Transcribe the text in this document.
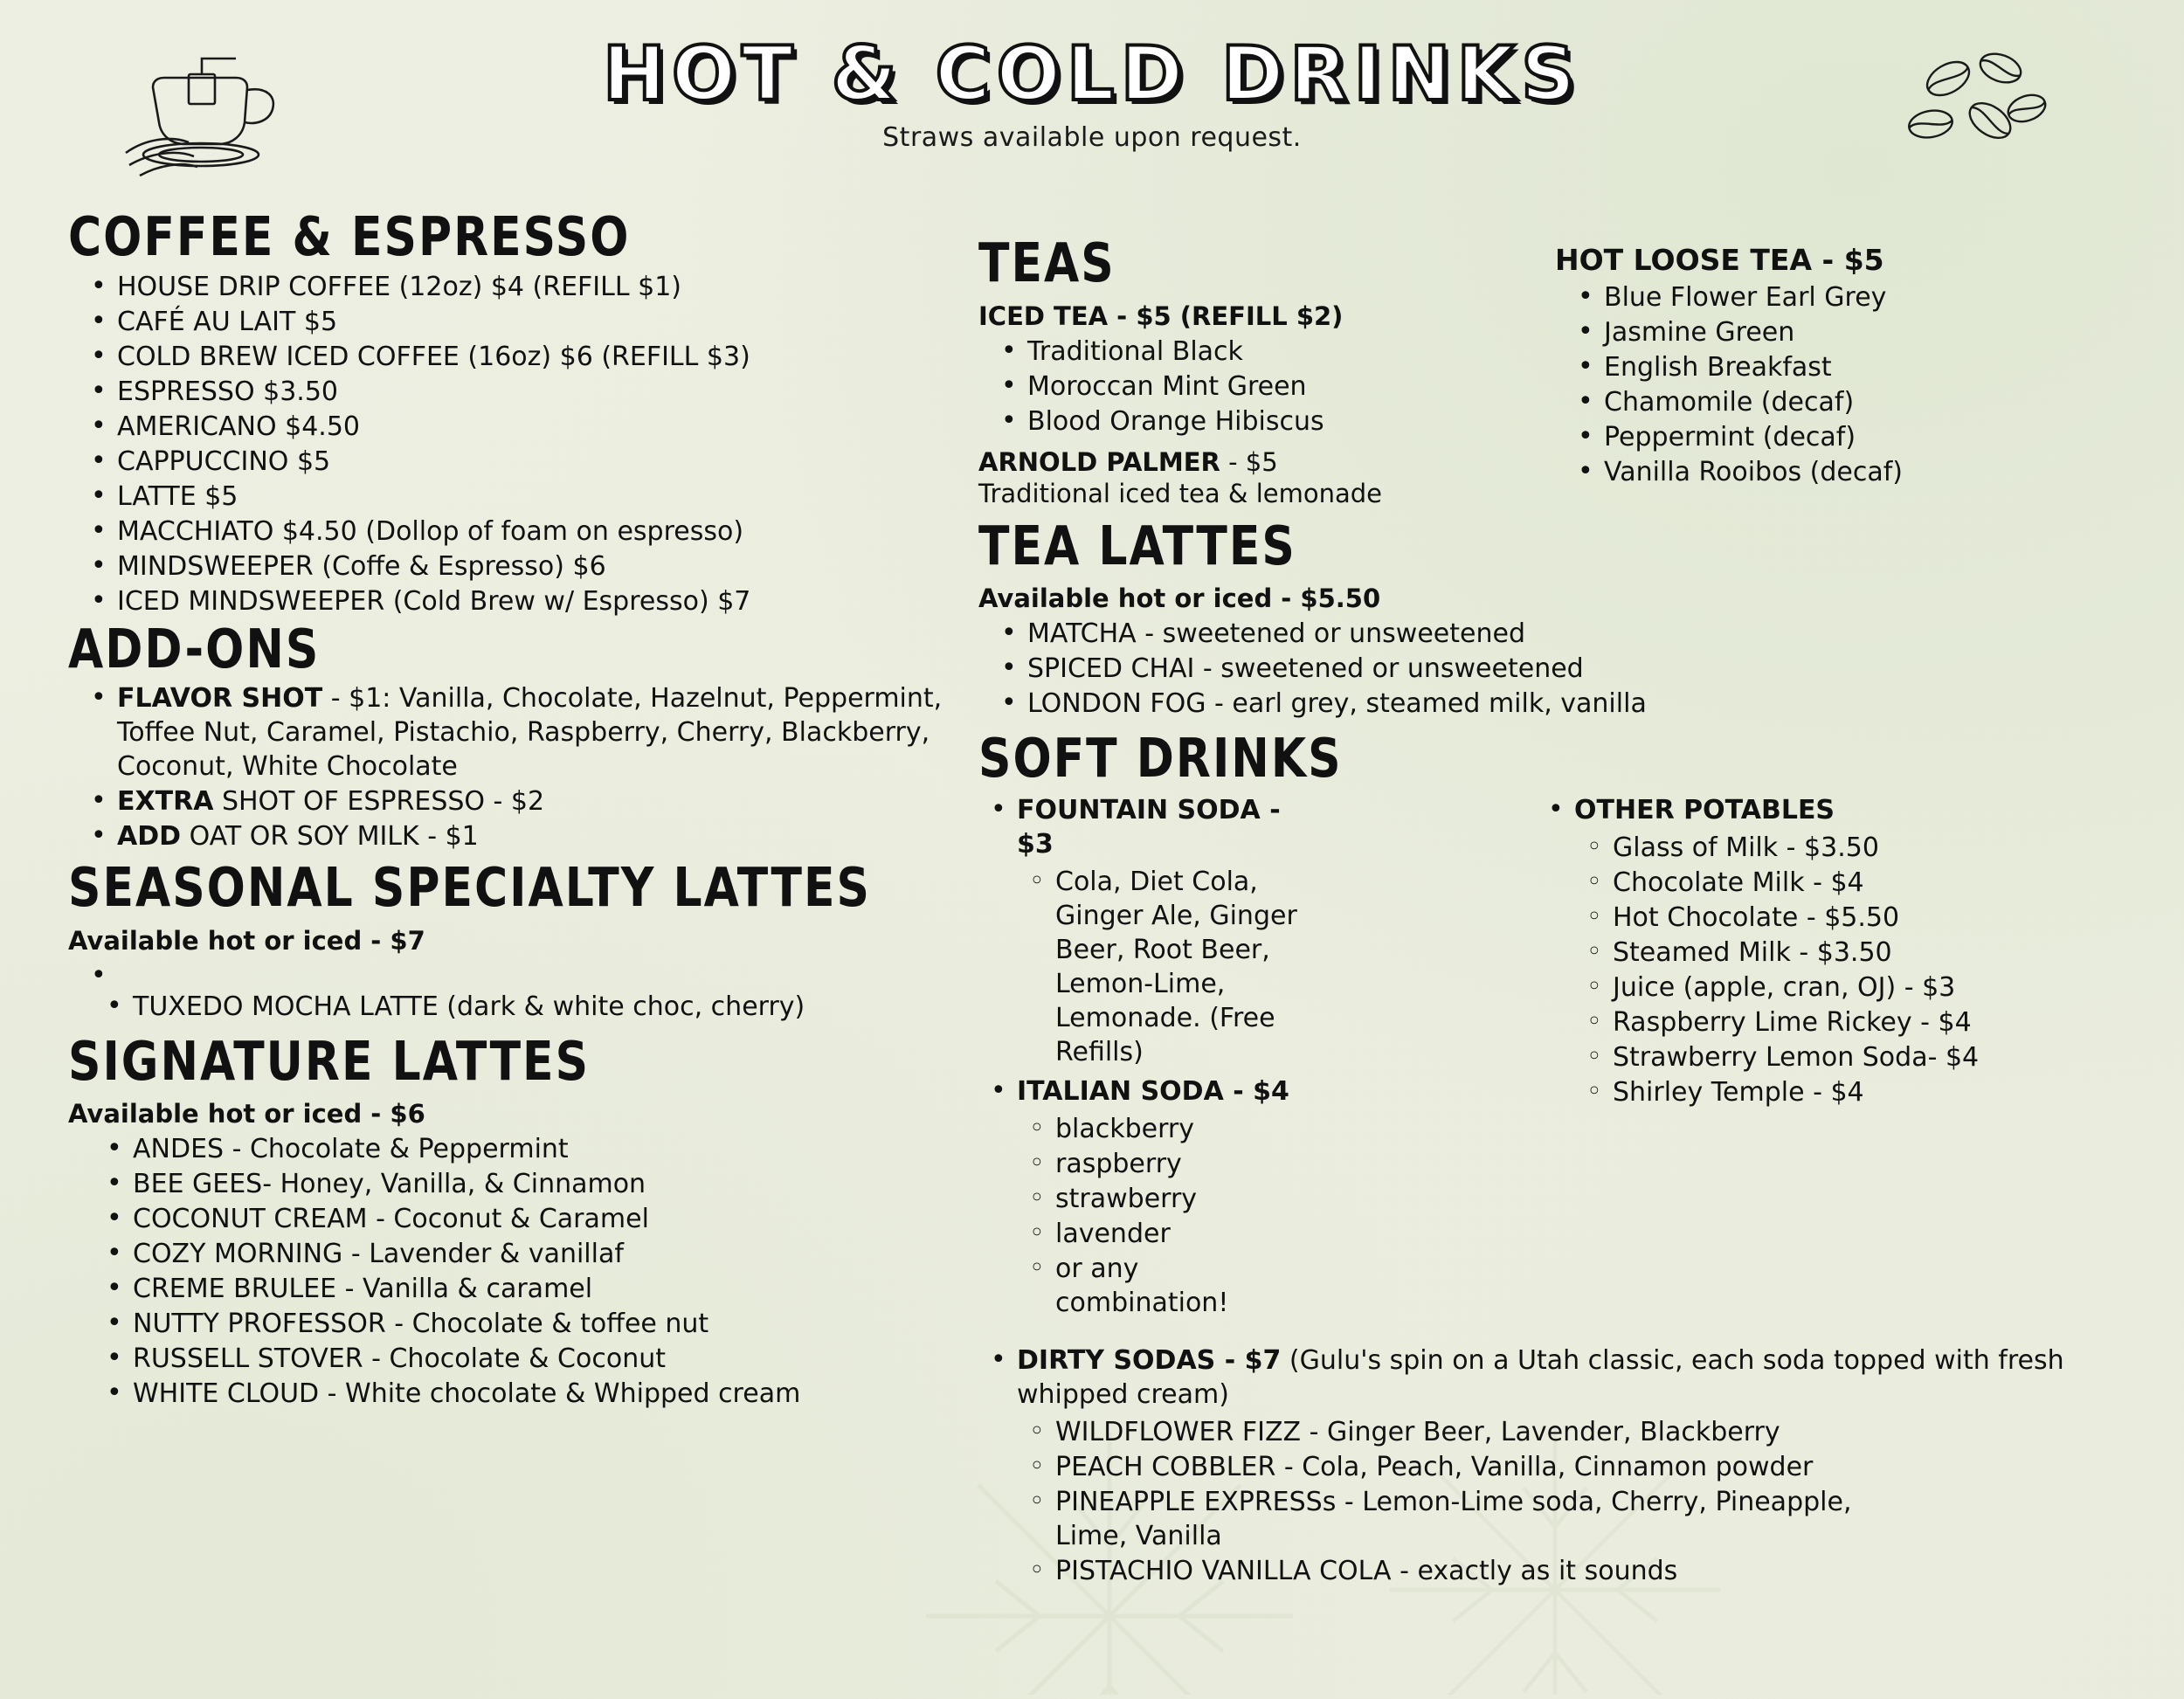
HOT & COLD DRINKS
Straws available upon request.
COFFEE & ESPRESSO
• HOUSE DRIP COFFEE (12oz) $4 (REFILL $1)
• CAFÉ AU LAIT $5
• COLD BREW ICED COFFEE (16oz) $6 (REFILL $3)
• ESPRESSO $3.50
• AMERICANO $4.50
• CAPPUCCINO $5
• LATTE $5
• MACCHIATO $4.50 (Dollop of foam on espresso)
• MINDSWEEPER (Coffe & Espresso) $6
• ICED MINDSWEEPER (Cold Brew w/ Espresso) $7
ADD-ONS
• FLAVOR SHOT - $1: Vanilla, Chocolate, Hazelnut, Peppermint, Toffee Nut, Caramel, Pistachio, Raspberry, Cherry, Blackberry, Coconut, White Chocolate
• EXTRA SHOT OF ESPRESSO - $2
• ADD OAT OR SOY MILK - $1
SEASONAL SPECIALTY LATTES
Available hot or iced - $7
•
• TUXEDO MOCHA LATTE (dark & white choc, cherry)
SIGNATURE LATTES
Available hot or iced - $6
• ANDES - Chocolate & Peppermint
• BEE GEES- Honey, Vanilla, & Cinnamon
• COCONUT CREAM - Coconut & Caramel
• COZY MORNING - Lavender & vanillaf
• CREME BRULEE - Vanilla & caramel
• NUTTY PROFESSOR - Chocolate & toffee nut
• RUSSELL STOVER - Chocolate & Coconut
• WHITE CLOUD - White chocolate & Whipped cream
TEAS
ICED TEA - $5 (REFILL $2)
• Traditional Black
• Moroccan Mint Green
• Blood Orange Hibiscus
ARNOLD PALMER - $5
Traditional iced tea & lemonade
TEA LATTES
Available hot or iced - $5.50
• MATCHA - sweetened or unsweetened
• SPICED CHAI - sweetened or unsweetened
• LONDON FOG - earl grey, steamed milk, vanilla
SOFT DRINKS
• FOUNTAIN SODA - $3
◦ Cola, Diet Cola, Ginger Ale, Ginger Beer, Root Beer, Lemon-Lime, Lemonade. (Free Refills)
• ITALIAN SODA - $4
◦ blackberry
◦ raspberry
◦ strawberry
◦ lavender
◦ or any combination!
• OTHER POTABLES
◦ Glass of Milk - $3.50
◦ Chocolate Milk - $4
◦ Hot Chocolate - $5.50
◦ Steamed Milk - $3.50
◦ Juice (apple, cran, OJ) - $3
◦ Raspberry Lime Rickey - $4
◦ Strawberry Lemon Soda- $4
◦ Shirley Temple - $4
• DIRTY SODAS - $7 (Gulu's spin on a Utah classic, each soda topped with fresh whipped cream)
◦ WILDFLOWER FIZZ - Ginger Beer, Lavender, Blackberry
◦ PEACH COBBLER - Cola, Peach, Vanilla, Cinnamon powder
◦ PINEAPPLE EXPRESSs - Lemon-Lime soda, Cherry, Pineapple, Lime, Vanilla
◦ PISTACHIO VANILLA COLA - exactly as it sounds
HOT LOOSE TEA - $5
• Blue Flower Earl Grey
• Jasmine Green
• English Breakfast
• Chamomile (decaf)
• Peppermint (decaf)
• Vanilla Rooibos (decaf)
